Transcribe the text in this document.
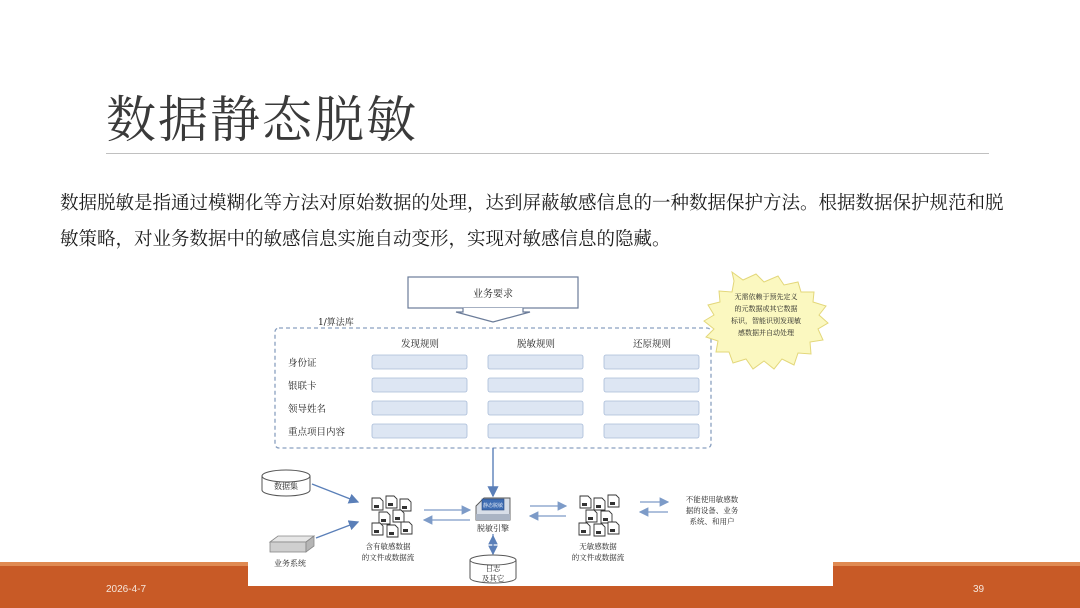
数据静态脱敏
数据脱敏是指通过模糊化等方法对原始数据的处理，达到屏蔽敏感信息的一种数据保护方法。根据数据保护规范和脱敏策略，对业务数据中的敏感信息实施自动变形，实现对敏感信息的隐藏。
2026-4-7	39
业务要求
1/算法库
发现规则	脱敏规则	还原规则
身份证
银联卡
领导姓名
重点项目内容
无需依赖于预先定义
的元数据或其它数据
标识，智能识别发现敏
感数据并自动处理
数据集
业务系统
含有敏感数据
的文件或数据流
静态脱敏
脱敏引擎
日志
及其它
无敏感数据
的文件或数据流
不能使用敏感数
据的设备、业务
系统、和用户
